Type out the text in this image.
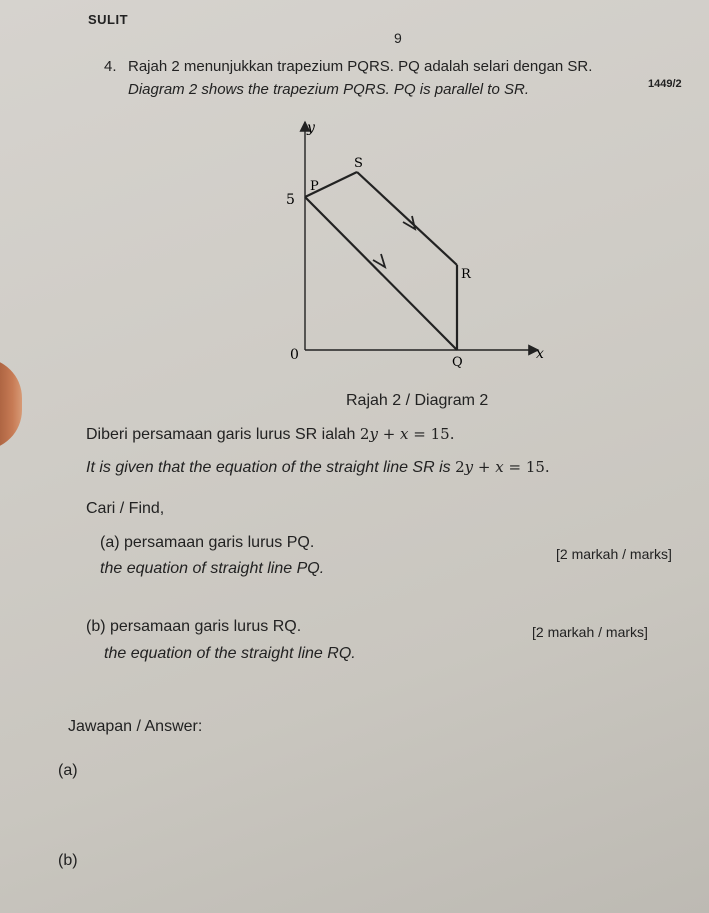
SULIT
9
1449/2
4. Rajah 2 menunjukkan trapezium PQRS. PQ adalah selari dengan SR.
Diagram 2 shows the trapezium PQRS. PQ is parallel to SR.
y
x
0
5
S
P
R
Q
Rajah 2 / Diagram 2
Diberi persamaan garis lurus SR ialah 2y + x = 15.
It is given that the equation of the straight line SR is 2y + x = 15.
Cari / Find,
(a) persamaan garis lurus PQ.
the equation of straight line PQ.
[2 markah / marks]
(b) persamaan garis lurus RQ.
the equation of the straight line RQ.
[2 markah / marks]
Jawapan / Answer:
(a)
(b)
